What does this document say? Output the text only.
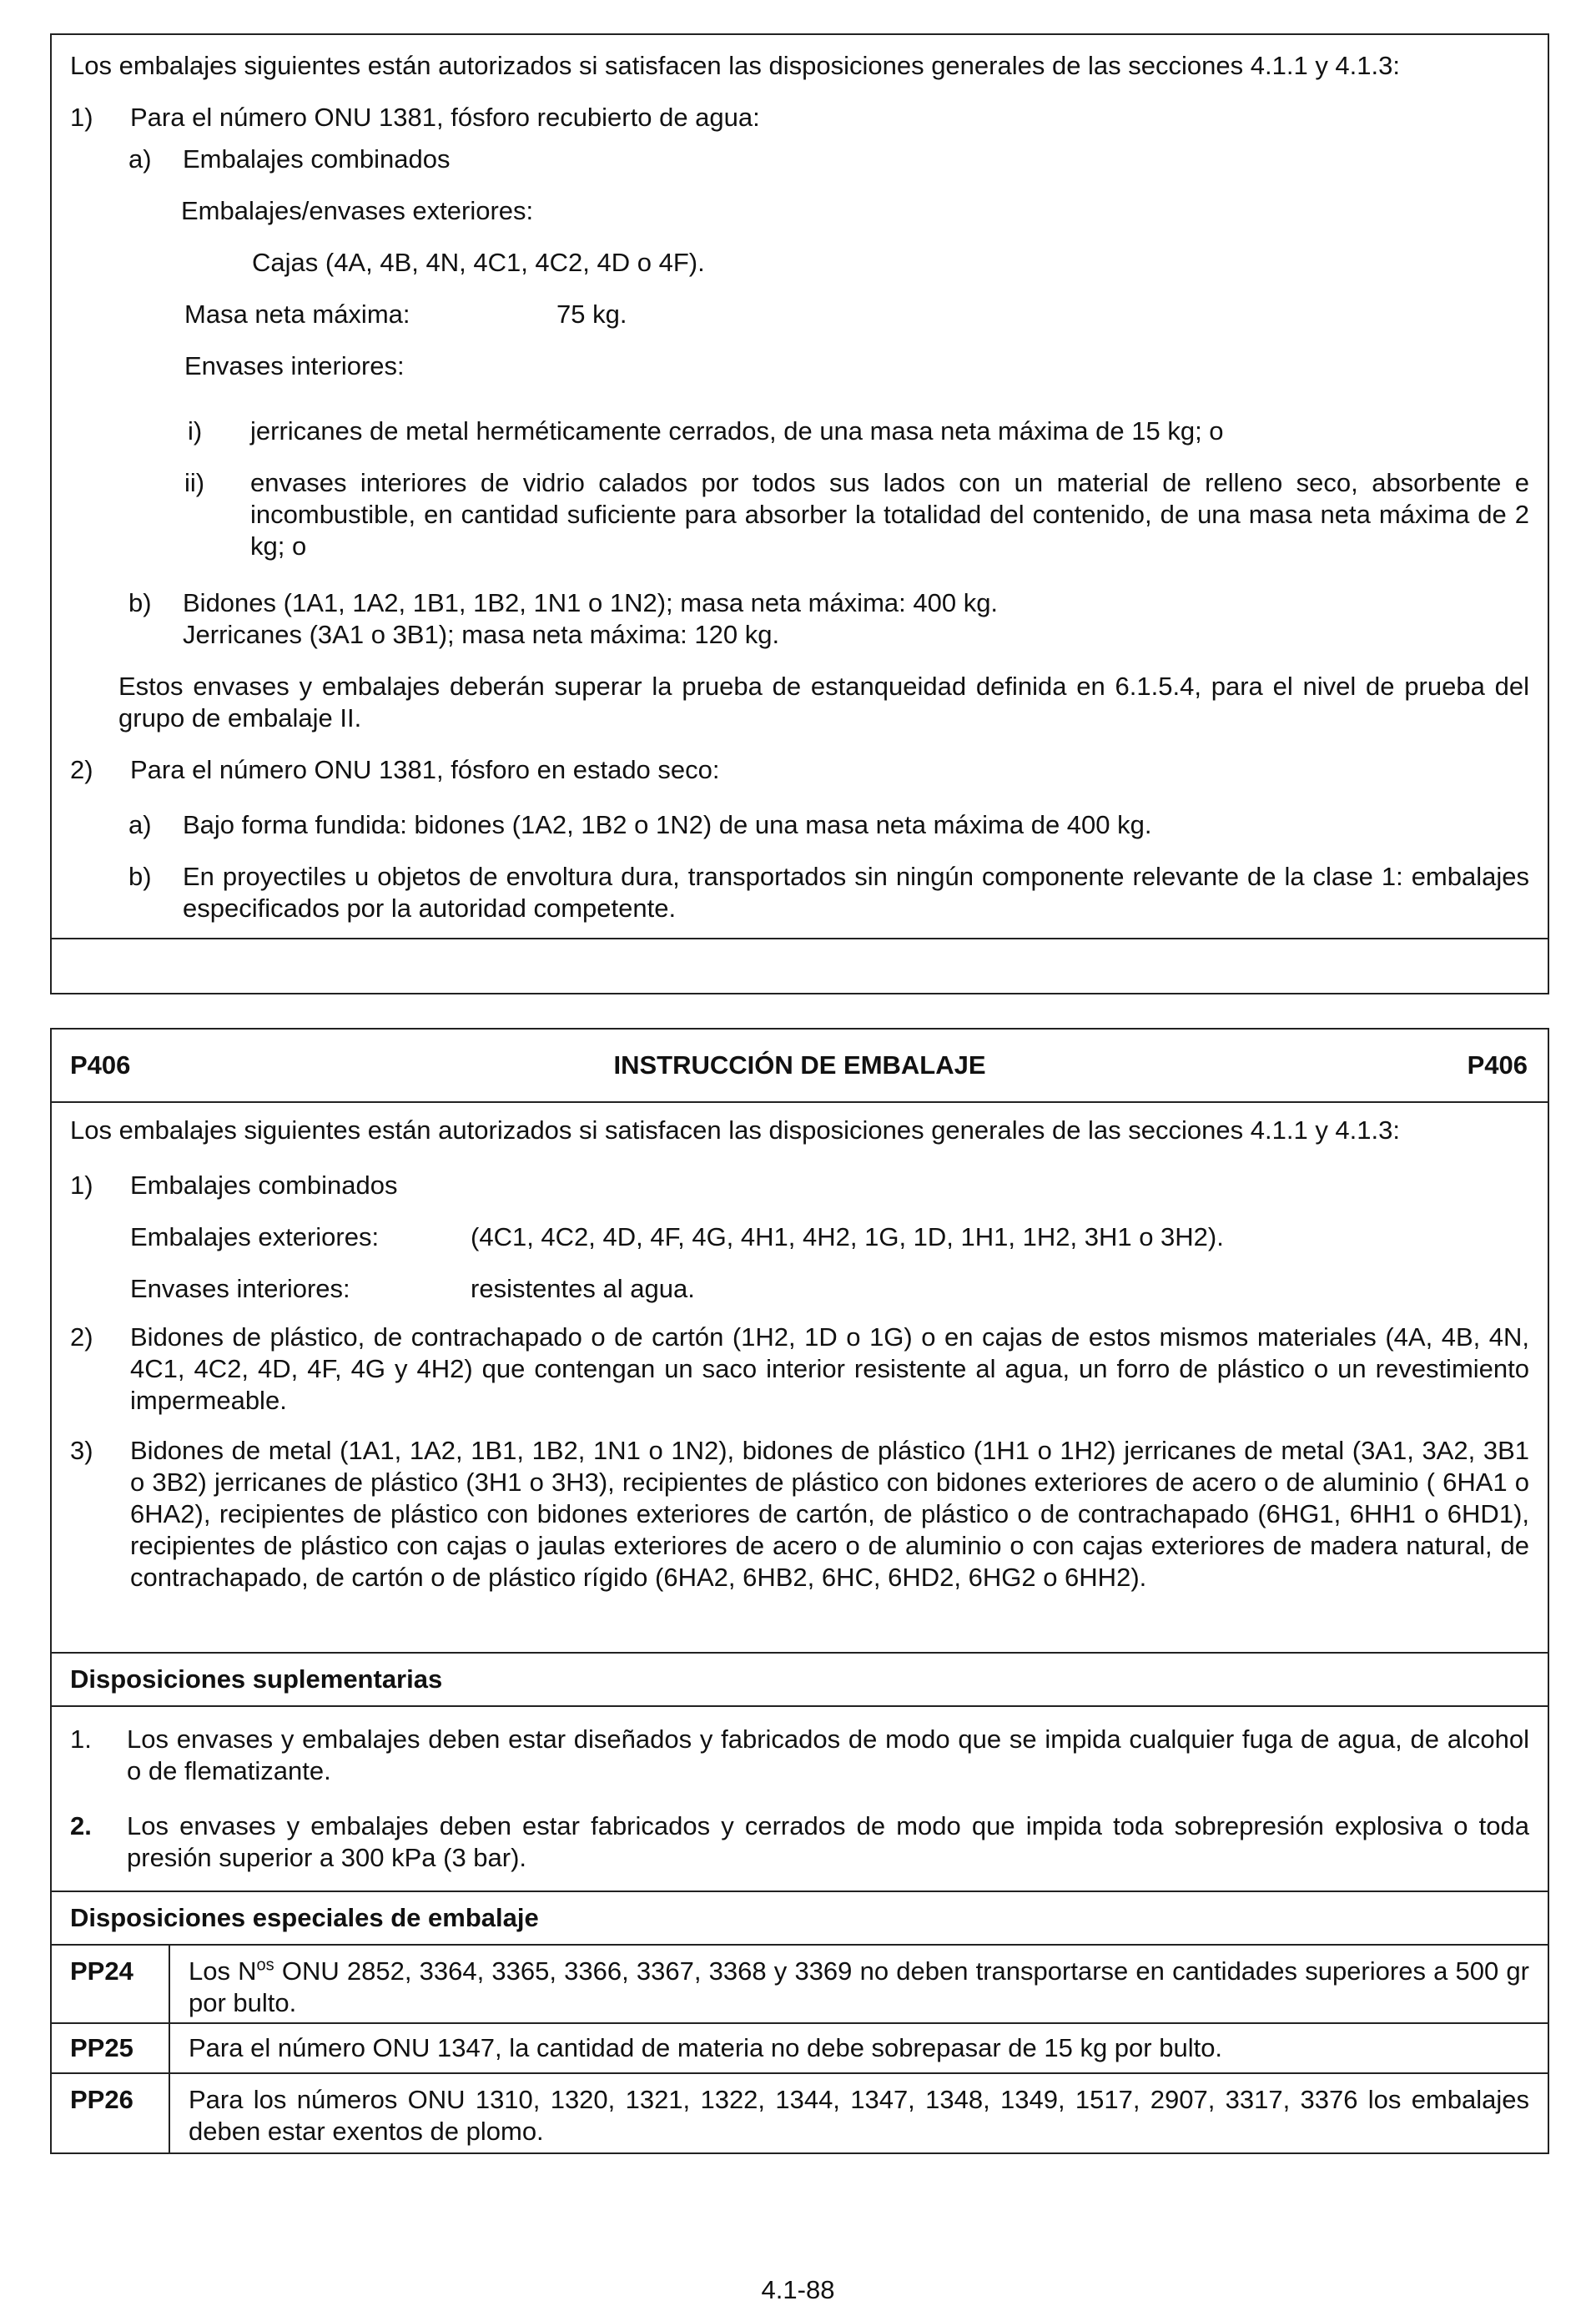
Los embalajes siguientes están autorizados si satisfacen las disposiciones generales de las secciones 4.1.1 y 4.1.3:
1) Para el número ONU 1381, fósforo recubierto de agua:
a) Embalajes combinados
Embalajes/envases exteriores:
Cajas (4A, 4B, 4N, 4C1, 4C2, 4D o 4F).
Masa neta máxima:	75 kg.
Envases interiores:
i) jerricanes de metal herméticamente cerrados, de una masa neta máxima de 15 kg; o
ii) envases interiores de vidrio calados por todos sus lados con un material de relleno seco, absorbente e incombustible, en cantidad suficiente para absorber la totalidad del contenido, de una masa neta máxima de 2 kg; o
b) Bidones (1A1, 1A2, 1B1, 1B2, 1N1 o 1N2); masa neta máxima: 400 kg.
Jerricanes (3A1 o 3B1); masa neta máxima: 120 kg.
Estos envases y embalajes deberán superar la prueba de estanqueidad definida en 6.1.5.4, para el nivel de prueba del grupo de embalaje II.
2) Para el número ONU 1381, fósforo en estado seco:
a) Bajo forma fundida: bidones (1A2, 1B2 o 1N2) de una masa neta máxima de 400 kg.
b) En proyectiles u objetos de envoltura dura, transportados sin ningún componente relevante de la clase 1: embalajes especificados por la autoridad competente.
P406	INSTRUCCIÓN DE EMBALAJE	P406
Los embalajes siguientes están autorizados si satisfacen las disposiciones generales de las secciones 4.1.1 y 4.1.3:
1) Embalajes combinados
Embalajes exteriores:	(4C1, 4C2, 4D, 4F, 4G, 4H1, 4H2, 1G, 1D, 1H1, 1H2, 3H1 o 3H2).
Envases interiores:	resistentes al agua.
2) Bidones de plástico, de contrachapado o de cartón (1H2, 1D o 1G) o en cajas de estos mismos materiales (4A, 4B, 4N, 4C1, 4C2, 4D, 4F, 4G y 4H2) que contengan un saco interior resistente al agua, un forro de plástico o un revestimiento impermeable.
3) Bidones de metal (1A1, 1A2, 1B1, 1B2, 1N1 o 1N2), bidones de plástico (1H1 o 1H2) jerricanes de metal (3A1, 3A2, 3B1 o 3B2) jerricanes de plástico (3H1 o 3H3), recipientes de plástico con bidones exteriores de acero o de aluminio ( 6HA1 o 6HA2), recipientes de plástico con bidones exteriores de cartón, de plástico o de contrachapado (6HG1, 6HH1 o 6HD1), recipientes de plástico con cajas o jaulas exteriores de acero o de aluminio o con cajas exteriores de madera natural, de contrachapado, de cartón o de plástico rígido (6HA2, 6HB2, 6HC, 6HD2, 6HG2 o 6HH2).
Disposiciones suplementarias
1. Los envases y embalajes deben estar diseñados y fabricados de modo que se impida cualquier fuga de agua, de alcohol o de flematizante.
2. Los envases y embalajes deben estar fabricados y cerrados de modo que impida toda sobrepresión explosiva o toda presión superior a 300 kPa (3 bar).
Disposiciones especiales de embalaje
PP24 Los $N^{os}$ ONU 2852, 3364, 3365, 3366, 3367, 3368 y 3369 no deben transportarse en cantidades superiores a 500 gr por bulto.
PP25 Para el número ONU 1347, la cantidad de materia no debe sobrepasar de 15 kg por bulto.
PP26 Para los números ONU 1310, 1320, 1321, 1322, 1344, 1347, 1348, 1349, 1517, 2907, 3317, 3376 los embalajes deben estar exentos de plomo.
4.1-88
